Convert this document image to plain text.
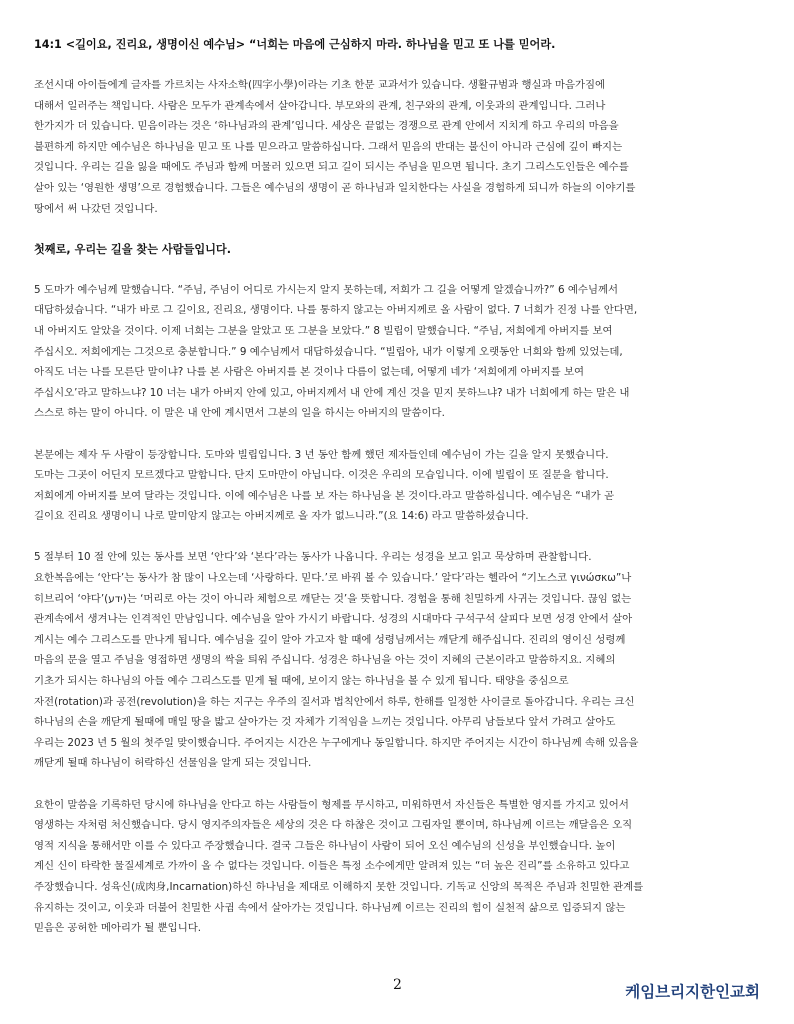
14:1 <길이요, 진리요, 생명이신 예수님> “너희는 마음에 근심하지 마라. 하나님을 믿고 또 나를 믿어라.
조선시대 아이들에게 글자를 가르치는 사자소학(四字小學)이라는 기초 한문 교과서가 있습니다. 생활규범과 행실과 마음가짐에
대해서 일러주는 책입니다. 사람은 모두가 관계속에서 살아갑니다. 부모와의 관계, 친구와의 관계, 이웃과의 관계입니다. 그러나
한가지가 더 있습니다. 믿음이라는 것은 ‘하나님과의 관계’입니다. 세상은 끝없는 경쟁으로 관계 안에서 지치게 하고 우리의 마음을
불편하게 하지만 예수님은 하나님을 믿고 또 나를 믿으라고 말씀하십니다. 그래서 믿음의 반대는 불신이 아니라 근심에 깊이 빠지는
것입니다. 우리는 길을 잃을 때에도 주님과 함께 머물러 있으면 되고 길이 되시는 주님을 믿으면 됩니다. 초기 그리스도인들은 예수를
살아 있는 ‘영원한 생명’으로 경험했습니다. 그들은 예수님의 생명이 곧 하나님과 일치한다는 사실을 경험하게 되니까 하늘의 이야기를
땅에서 써 나갔던 것입니다.
첫째로, 우리는 길을 찾는 사람들입니다.
5 도마가 예수님께 말했습니다. “주님, 주님이 어디로 가시는지 알지 못하는데, 저희가 그 길을 어떻게 알겠습니까?” 6 예수님께서
대답하셨습니다. “내가 바로 그 길이요, 진리요, 생명이다. 나를 통하지 않고는 아버지께로 올 사람이 없다. 7 너희가 진정 나를 안다면,
내 아버지도 알았을 것이다. 이제 너희는 그분을 알았고 또 그분을 보았다.” 8 빌립이 말했습니다. “주님, 저희에게 아버지를 보여
주십시오. 저희에게는 그것으로 충분합니다.” 9 예수님께서 대답하셨습니다. “빌립아, 내가 이렇게 오랫동안 너희와 함께 있었는데,
아직도 너는 나를 모른단 말이냐? 나를 본 사람은 아버지를 본 것이나 다름이 없는데, 어떻게 네가 ‘저희에게 아버지를 보여
주십시오’라고 말하느냐? 10 너는 내가 아버지 안에 있고, 아버지께서 내 안에 계신 것을 믿지 못하느냐? 내가 너희에게 하는 말은 내
스스로 하는 말이 아니다. 이 말은 내 안에 계시면서 그분의 일을 하시는 아버지의 말씀이다.
본문에는 제자 두 사람이 등장합니다. 도마와 빌립입니다. 3 년 동안 함께 했던 제자들인데 예수님이 가는 길을 알지 못했습니다.
도마는 그곳이 어딘지 모르겠다고 말합니다. 단지 도마만이 아닙니다. 이것은 우리의 모습입니다. 이에 빌립이 또 질문을 합니다.
저희에게 아버지를 보여 달라는 것입니다. 이에 예수님은 나를 보 자는 하나님을 본 것이다.라고 말씀하십니다. 예수님은 “내가 곧
길이요 진리요 생명이니 나로 말미암지 않고는 아버지께로 올 자가 없느니라.”(요 14:6) 라고 말씀하셨습니다.
5 절부터 10 절 안에 있는 동사를 보면 ‘안다’와 ‘본다’라는 동사가 나옵니다. 우리는 성경을 보고 읽고 묵상하며 관찰합니다.
요한복음에는 ‘안다’는 동사가 참 많이 나오는데 ‘사랑하다. 믿다.’로 바꿔 볼 수 있습니다.’ 알다’라는 헬라어 “기노스코 γινώσκω”나
히브리어 ‘야다’(ידע)는 ‘머리로 아는 것이 아니라 체험으로 깨닫는 것’을 뜻합니다. 경험을 통해 친밀하게 사귀는 것입니다. 끊임 없는
관계속에서 생겨나는 인격적인 만남입니다. 예수님을 알아 가시기 바랍니다. 성경의 시대마다 구석구석 살피다 보면 성경 안에서 살아
계시는 예수 그리스도를 만나게 됩니다. 예수님을 깊이 알아 가고자 할 때에 성령님께서는 깨닫게 해주십니다. 진리의 영이신 성령께
마음의 문을 열고 주님을 영접하면 생명의 싹을 틔워 주십니다. 성경은 하나님을 아는 것이 지혜의 근본이라고 말씀하지요. 지혜의
기초가 되시는 하나님의 아들 예수 그리스도를 믿게 될 때에, 보이지 않는 하나님을 볼 수 있게 됩니다. 태양을 중심으로
자전(rotation)과 공전(revolution)을 하는 지구는 우주의 질서과 법칙안에서 하루, 한해를 일정한 사이클로 돌아갑니다. 우리는 크신
하나님의 손을 깨닫게 될때에 매일 땅을 밟고 살아가는 것 자체가 기적임을 느끼는 것입니다. 아무리 남들보다 앞서 가려고 살아도
우리는 2023 년 5 월의 첫주일 맞이했습니다. 주어지는 시간은 누구에게나 동일합니다. 하지만 주어지는 시간이 하나님께 속해 있음을
깨닫게 될때 하나님이 허락하신 선물임을 알게 되는 것입니다.
요한이 말씀을 기록하던 당시에 하나님을 안다고 하는 사람들이 형제를 무시하고, 미워하면서 자신들은 특별한 영지를 가지고 있어서
영생하는 자처럼 처신했습니다. 당시 영지주의자들은 세상의 것은 다 하찮은 것이고 그림자일 뿐이며, 하나님께 이르는 깨달음은 오직
영적 지식을 통해서만 이를 수 있다고 주장했습니다. 결국 그들은 하나님이 사람이 되어 오신 예수님의 신성을 부인했습니다. 높이
계신 신이 타락한 물질세계로 가까이 올 수 없다는 것입니다. 이들은 특정 소수에게만 알려져 있는 “더 높은 진리”를 소유하고 있다고
주장했습니다. 성육신(成肉身,Incarnation)하신 하나님을 제대로 이해하지 못한 것입니다. 기독교 신앙의 목적은 주님과 친밀한 관계를
유지하는 것이고, 이웃과 더불어 친밀한 사귐 속에서 살아가는 것입니다. 하나님께 이르는 진리의 힘이 실천적 삶으로 입증되지 않는
믿음은 공허한 메아리가 될 뿐입니다.
2	케임브리지한인교회
